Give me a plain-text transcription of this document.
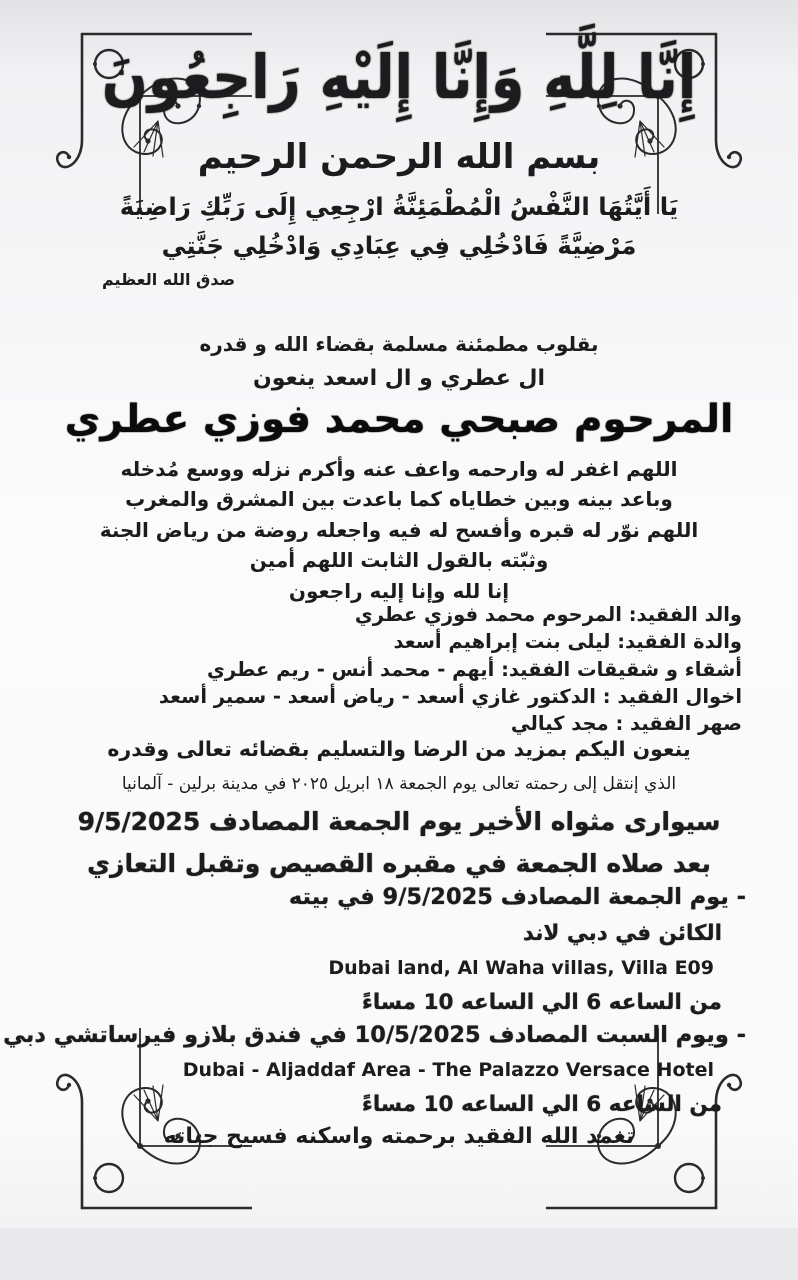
إِنَّا لِلَّهِ وَإِنَّا إِلَيْهِ رَاجِعُونَ
بسم الله الرحمن الرحيم
يَا أَيَّتُهَا النَّفْسُ الْمُطْمَئِنَّةُ ارْجِعِي إِلَى رَبِّكِ رَاضِيَةً
مَرْضِيَّةً فَادْخُلِي فِي عِبَادِي وَادْخُلِي جَنَّتِي
صدق الله العظيم
بقلوب مطمئنة مسلمة بقضاء الله و قدره
ال عطري و ال اسعد ينعون
المرحوم صبحي محمد فوزي عطري
اللهم اغفر له وارحمه واعف عنه وأكرم نزله ووسع مُدخله
وباعد بينه وبين خطاياه كما باعدت بين المشرق والمغرب
اللهم نوّر له قبره وأفسح له فيه واجعله روضة من رياض الجنة
وثبّته بالقول الثابت اللهم أمين
إنا لله وإنا إليه راجعون
والد الفقيد: المرحوم محمد فوزي عطري
والدة الفقيد: ليلى بنت إبراهيم أسعد
أشقاء و شقيقات الفقيد: أيهم - محمد أنس - ريم عطري
اخوال الفقيد : الدكتور غازي أسعد - رياض أسعد - سمير أسعد
صهر الفقيد : مجد كيالي
ينعون اليكم بمزيد من الرضا والتسليم بقضائه تعالى وقدره
الذي إنتقل إلى رحمته تعالى يوم الجمعة ١٨ ابريل ٢٠٢٥ في مدينة برلين - آلمانيا
سيوارى مثواه الأخير يوم الجمعة المصادف 9/5/2025
بعد صلاه الجمعة في مقبره القصيص وتقبل التعازي
- يوم الجمعة المصادف 9/5/2025 في بيته
الكائن في دبي لاند
Dubai land, Al Waha villas, Villa E09
من الساعه 6 الي الساعه 10 مساءً
- ويوم السبت المصادف 10/5/2025 في فندق بلازو فيرساتشي دبي
Dubai - Aljaddaf Area - The Palazzo Versace Hotel
من الساعه 6 الي الساعه 10 مساءً
تغمد الله الفقيد برحمته واسكنه فسيح جناته
